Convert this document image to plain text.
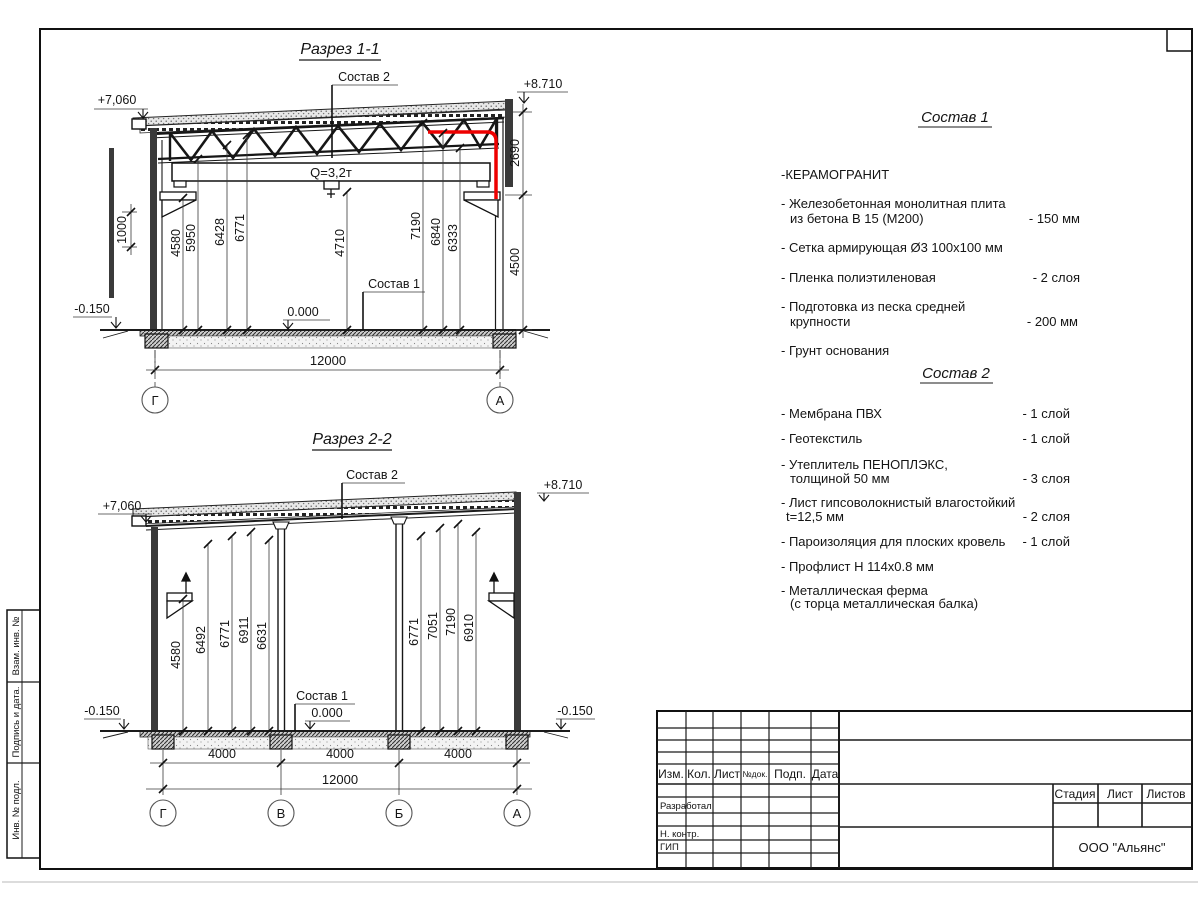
Взам. инв. №
Подпись и дата.
Инв. № подл.
Разрез 1-1
Q=3,2т
4580 5950 6428 6771
4710
7190 6840 6333
1000
2690
4500
+7,060
+8.710
0.000
-0.150
Состав 2
Состав 1
12000
Г	А
Разрез 2-2
4580
6492 6771 6911 6631	6771 7051 7190 6910
+7,060
+8.710
0.000
-0.150	-0.150
Состав 2
Состав 1
4000	4000	4000
12000
Г	В	Б	А
Состав 1
-КЕРАМОГРАНИТ
- Железобетонная монолитная плита
из бетона В 15 (М200)	- 150 мм
- Сетка армирующая Ø3 100х100 мм
- Пленка полиэтиленовая	- 2 слоя
- Подготовка из песка средней
крупности	- 200 мм
- Грунт основания
Состав 2
- Мембрана ПВХ	- 1 слой
- Геотекстиль	- 1 слой
- Утеплитель ПЕНОПЛЭКС,
толщиной 50 мм	- 3 слоя
- Лист гипсоволокнистый влагостойкий
t=12,5 мм	- 2 слоя
- Пароизоляция для плоских кровель - 1 слой
- Профлист Н 114х0.8 мм
- Металлическая ферма
(с торца металлическая балка)
Изм. Кол. Лист №док. Подп. Дата
Разработал
Н. контр.
ГИП
Стадия Лист Листов
ООО "Альянс"
